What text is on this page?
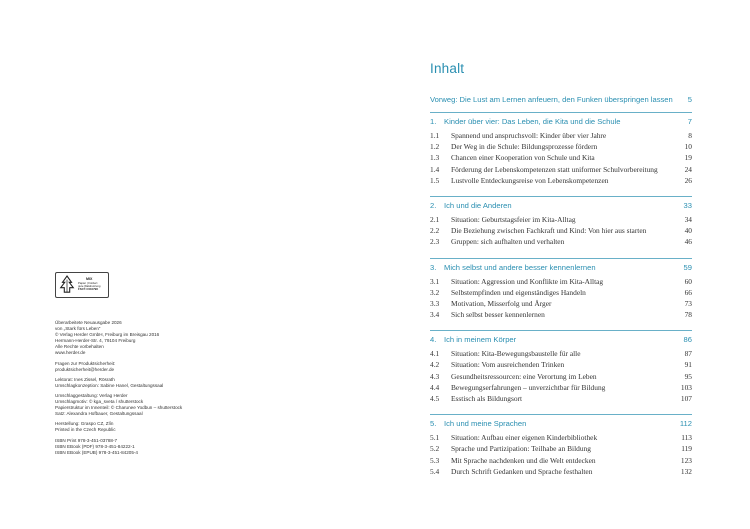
MIX
Papier | Fördert
gute Waldnutzung
FSC® C010798
Überarbeitete Neuausgabe 2026
von „Stark fürs Leben“
© Verlag Herder GmbH, Freiburg im Breisgau 2016
Hermann-Herder-Str. 4, 79104 Freiburg
Alle Rechte vorbehalten
www.herder.de
Fragen zur Produktsicherheit:
produktsicherheit@herder.de
Lektorat: Ines Zissel, Rösrath
Umschlagkonzeption: Sabine Hanel, Gestaltungssaal
Umschlaggestaltung: Verlag Herder
Umschlagmotiv: © kga_sveta / shutterstock
Papierstruktur im Innenteil: © Charunee Yodbun – shutterstock
Satz: Alexandra Hofbauer, Gestaltungssaal
Herstellung: Graspo CZ, Zlín
Printed in the Czech Republic
ISBN Print 978-3-451-03788-7
ISBN EBook (PDF) 978-3-451-84222-1
ISBN EBook (EPUB) 978-3-451-84205-4
Inhalt
Vorweg: Die Lust am Lernen anfeuern, den Funken überspringen lassen	5
1.	Kinder über vier: Das Leben, die Kita und die Schule	7
1.1	Spannend und anspruchsvoll: Kinder über vier Jahre	8
1.2	Der Weg in die Schule: Bildungsprozesse fördern	10
1.3	Chancen einer Kooperation von Schule und Kita	19
1.4	Förderung der Lebenskompetenzen statt uniformer Schulvorbereitung	24
1.5	Lustvolle Entdeckungsreise von Lebenskompetenzen	26
2.	Ich und die Anderen	33
2.1	Situation: Geburtstagsfeier im Kita-Alltag	34
2.2	Die Beziehung zwischen Fachkraft und Kind: Von hier aus starten	40
2.3	Gruppen: sich aufhalten und verhalten	46
3.	Mich selbst und andere besser kennenlernen	59
3.1	Situation: Aggression und Konflikte im Kita-Alltag	60
3.2	Selbstempfinden und eigenständiges Handeln	66
3.3	Motivation, Misserfolg und Ärger	73
3.4	Sich selbst besser kennenlernen	78
4.	Ich in meinem Körper	86
4.1	Situation: Kita-Bewegungsbaustelle für alle	87
4.2	Situation: Vom ausreichenden Trinken	91
4.3	Gesundheitsressourcen: eine Verortung im Leben	95
4.4	Bewegungserfahrungen – unverzichtbar für Bildung	103
4.5	Esstisch als Bildungsort	107
5.	Ich und meine Sprachen	112
5.1	Situation: Aufbau einer eigenen Kinderbibliothek	113
5.2	Sprache und Partizipation: Teilhabe an Bildung	119
5.3	Mit Sprache nachdenken und die Welt entdecken	123
5.4	Durch Schrift Gedanken und Sprache festhalten	132
